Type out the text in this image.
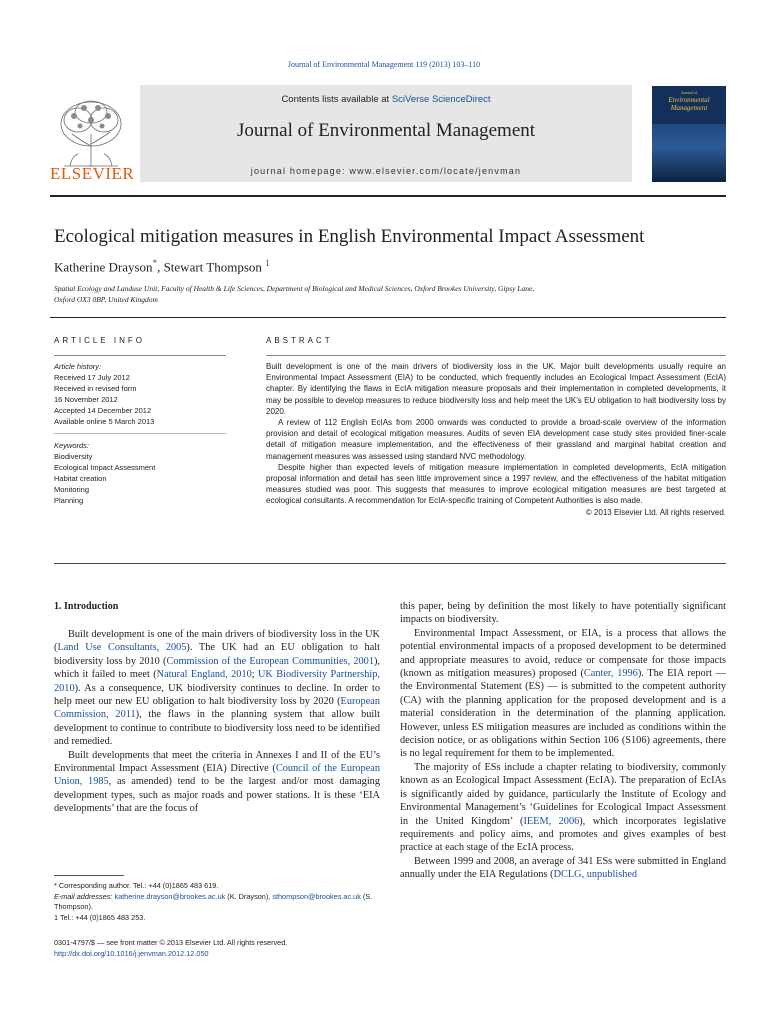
Journal of Environmental Management 119 (2013) 103–110
ELSEVIER
Contents lists available at SciVerse ScienceDirect
Journal of Environmental Management
journal homepage: www.elsevier.com/locate/jenvman
Journal of
Environmental Management
Ecological mitigation measures in English Environmental Impact Assessment
Katherine Drayson*, Stewart Thompson $^1$
Spatial Ecology and Landuse Unit, Faculty of Health & Life Sciences, Department of Biological and Medical Sciences, Oxford Brookes University, Gipsy Lane,
Oxford OX3 0BP, United Kingdom
ARTICLE INFO
Article history:
Received 17 July 2012
Received in revised form
16 November 2012
Accepted 14 December 2012
Available online 5 March 2013
Keywords:
Biodiversity
Ecological Impact Assessment
Habitat creation
Monitoring
Planning
ABSTRACT

Built development is one of the main drivers of biodiversity loss in the UK. Major built developments usually require an Environmental Impact Assessment (EIA) to be conducted, which frequently includes an Ecological Impact Assessment (EcIA) chapter. By identifying the flaws in EcIA mitigation measure proposals and their implementation in completed developments, it may be possible to develop measures to reduce biodiversity loss and help meet the UK’s EU obligation to halt biodiversity loss by 2020.

A review of 112 English EcIAs from 2000 onwards was conducted to provide a broad-scale overview of the information provision and detail of ecological mitigation measures. Audits of seven EIA development case study sites provided finer-scale detail of mitigation measure implementation, and the effectiveness of their grassland and marginal habitat creation and management measures was assessed using standard NVC methodology.

Despite higher than expected levels of mitigation measure implementation in completed developments, EcIA mitigation proposal information and detail has seen little improvement since a 1997 review, and the effectiveness of the habitat mitigation measures studied was poor. This suggests that measures to improve ecological mitigation measures are best targeted at ecological consultants. A recommendation for EcIA-specific training of Competent Authorities is also made.

© 2013 Elsevier Ltd. All rights reserved.

1. Introduction

Built development is one of the main drivers of biodiversity loss in the UK (Land Use Consultants, 2005). The UK had an EU obligation to halt biodiversity loss by 2010 (Commission of the European Communities, 2001), which it failed to meet (Natural England, 2010; UK Biodiversity Partnership, 2010). As a consequence, UK biodiversity continues to decline. In order to help meet our new EU obligation to halt biodiversity loss by 2020 (European Commission, 2011), the flaws in the planning system that allow built development to continue to contribute to biodiversity loss need to be identified and remedied.

Built developments that meet the criteria in Annexes I and II of the EU’s Environmental Impact Assessment (EIA) Directive (Council of the European Union, 1985, as amended) tend to be the largest and/or most damaging development types, such as major roads and power stations. It is these ‘EIA developments’ that are the focus of

this paper, being by definition the most likely to have potentially significant impacts on biodiversity.

Environmental Impact Assessment, or EIA, is a process that allows the potential environmental impacts of a proposed development to be determined and appropriate measures to avoid, reduce or compensate for those impacts (known as mitigation measures) proposed (Canter, 1996). The EIA report — the Environmental Statement (ES) — is submitted to the competent authority (CA) with the planning application for the proposed development and is a material consideration in the determination of the planning application. However, unless ES mitigation measures are included as conditions within the decision notice, or as obligations within Section 106 (S106) agreements, there is no legal requirement for them to be implemented.

The majority of ESs include a chapter relating to biodiversity, commonly known as an Ecological Impact Assessment (EcIA). The preparation of EcIAs is significantly aided by guidance, particularly the Institute of Ecology and Environmental Management’s ‘Guidelines for Ecological Impact Assessment in the United Kingdom’ (IEEM, 2006), which incorporates legislative requirements and policy aims, and promotes and gives examples of best practice at each stage of the EcIA process.

Between 1999 and 2008, an average of 341 ESs were submitted in England annually under the EIA Regulations (DCLG, unpublished

* Corresponding author. Tel.: +44 (0)1865 483 619.
E-mail addresses: katherine.drayson@brookes.ac.uk (K. Drayson), sthompson@brookes.ac.uk (S. Thompson).
1 Tel.: +44 (0)1865 483 253.
0301-4797/$ — see front matter © 2013 Elsevier Ltd. All rights reserved.
http://dx.doi.org/10.1016/j.jenvman.2012.12.050
